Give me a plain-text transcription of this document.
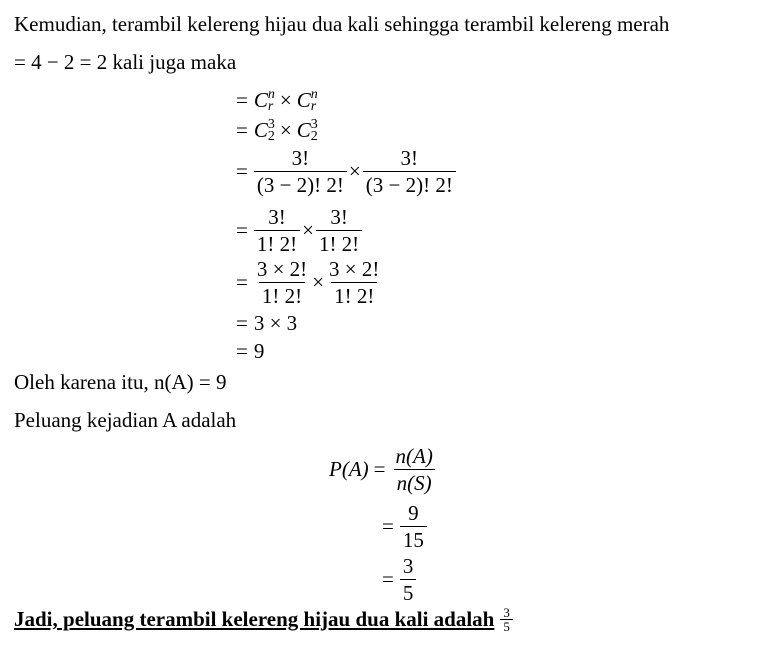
Kemudian, terambil kelereng hijau dua kali sehingga terambil kelereng merah
= 4 − 2 = 2 kali juga maka
= C n
r × C n
r
= C 3
2 × C 3
2
= $\frac{3!}{(3 - 2)! 2!} \times \frac{3!}{(3 - 2)! 2!}$
= $\frac{3!}{1! 2!} \times \frac{3!}{1! 2!}$
= $\frac{3 \times 2!}{1! 2!} \times \frac{3 \times 2!}{1! 2!}$
= 3 × 3
= 9
Oleh karena itu, n(A) = 9
Peluang kejadian A adalah
$P(A) = \frac{n(A)}{n(S)}$
= $\frac{9}{15}$
= $\frac{3}{5}$
Jadi, peluang terambil kelereng hijau dua kali adalah $\frac{3}{5}$
